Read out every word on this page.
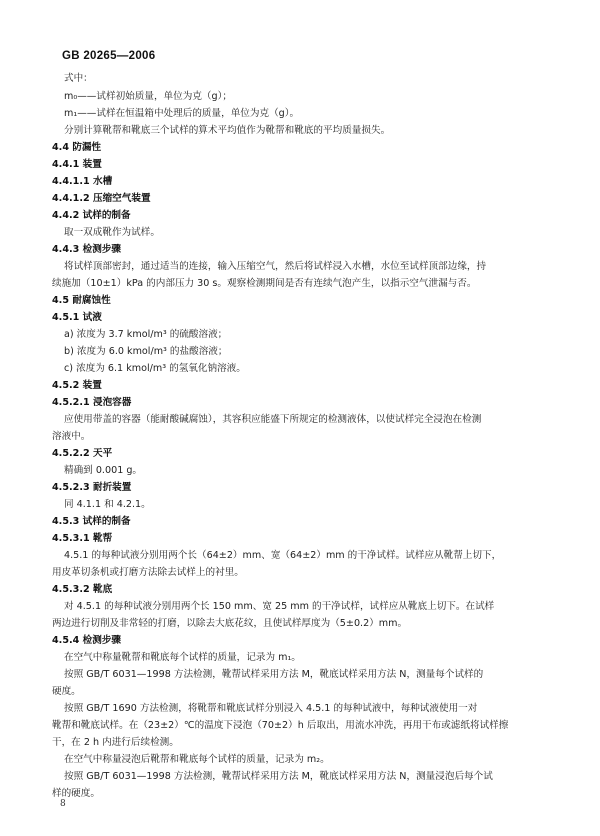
GB 20265—2006
式中：
m₀——试样初始质量，单位为克（g）；
m₁——试样在恒温箱中处理后的质量，单位为克（g）。
分别计算靴帮和靴底三个试样的算术平均值作为靴帮和靴底的平均质量损失。
4.4 防漏性
4.4.1 装置
4.4.1.1 水槽
4.4.1.2 压缩空气装置
4.4.2 试样的制备
取一双成靴作为试样。
4.4.3 检测步骤
将试样顶部密封，通过适当的连接，输入压缩空气，然后将试样浸入水槽，水位至试样顶部边缘，持
续施加（10±1）kPa 的内部压力 30 s。观察检测期间是否有连续气泡产生，以指示空气泄漏与否。
4.5 耐腐蚀性
4.5.1 试液
a) 浓度为 3.7 kmol/m³ 的硫酸溶液；
b) 浓度为 6.0 kmol/m³ 的盐酸溶液；
c) 浓度为 6.1 kmol/m³ 的氢氧化钠溶液。
4.5.2 装置
4.5.2.1 浸泡容器
应使用带盖的容器（能耐酸碱腐蚀），其容积应能盛下所规定的检测液体，以使试样完全浸泡在检测
溶液中。
4.5.2.2 天平
精确到 0.001 g。
4.5.2.3 耐折装置
同 4.1.1 和 4.2.1。
4.5.3 试样的制备
4.5.3.1 靴帮
4.5.1 的每种试液分别用两个长（64±2）mm、宽（64±2）mm 的干净试样。试样应从靴帮上切下，
用皮革切条机或打磨方法除去试样上的衬里。
4.5.3.2 靴底
对 4.5.1 的每种试液分别用两个长 150 mm、宽 25 mm 的干净试样，试样应从靴底上切下。在试样
两边进行切削及非常轻的打磨，以除去大底花纹，且使试样厚度为（5±0.2）mm。
4.5.4 检测步骤
在空气中称量靴帮和靴底每个试样的质量，记录为 m₁。
按照 GB/T 6031—1998 方法检测，靴帮试样采用方法 M，靴底试样采用方法 N，测量每个试样的
硬度。
按照 GB/T 1690 方法检测，将靴帮和靴底试样分别浸入 4.5.1 的每种试液中，每种试液使用一对
靴帮和靴底试样。在（23±2）℃的温度下浸泡（70±2）h 后取出，用流水冲洗，再用干布或滤纸将试样擦
干，在 2 h 内进行后续检测。
在空气中称量浸泡后靴帮和靴底每个试样的质量，记录为 m₂。
按照 GB/T 6031—1998 方法检测，靴帮试样采用方法 M，靴底试样采用方法 N，测量浸泡后每个试
样的硬度。
8
